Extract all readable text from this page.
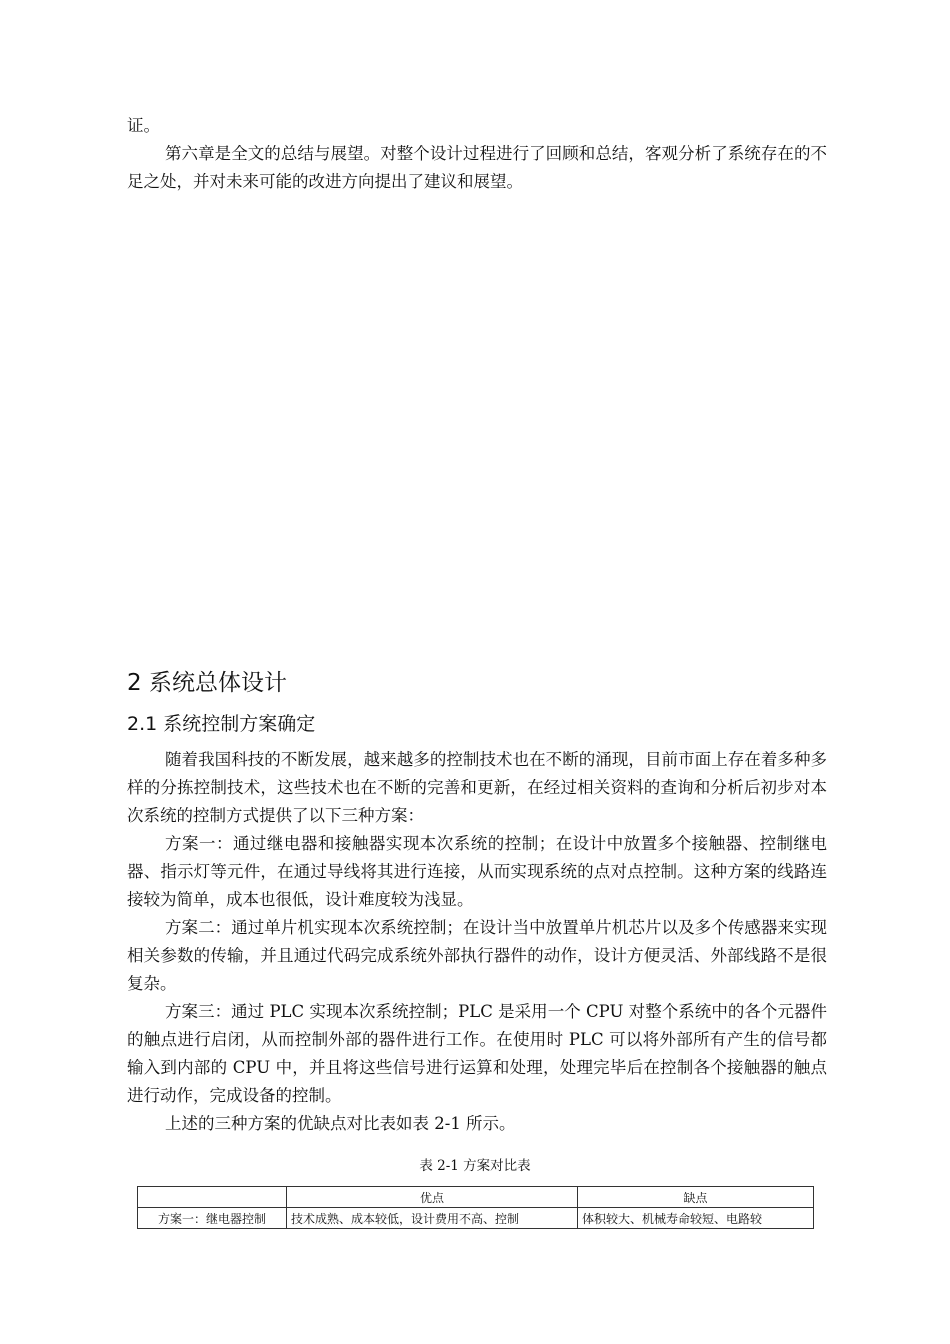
证。

第六章是全文的总结与展望。对整个设计过程进行了回顾和总结，客观分析了系统存在的不足之处，并对未来可能的改进方向提出了建议和展望。

2 系统总体设计
2.1 系统控制方案确定

随着我国科技的不断发展，越来越多的控制技术也在不断的涌现，目前市面上存在着多种多样的分拣控制技术，这些技术也在不断的完善和更新，在经过相关资料的查询和分析后初步对本次系统的控制方式提供了以下三种方案：

方案一：通过继电器和接触器实现本次系统的控制；在设计中放置多个接触器、控制继电器、指示灯等元件，在通过导线将其进行连接，从而实现系统的点对点控制。这种方案的线路连接较为简单，成本也很低，设计难度较为浅显。

方案二：通过单片机实现本次系统控制；在设计当中放置单片机芯片以及多个传感器来实现相关参数的传输，并且通过代码完成系统外部执行器件的动作，设计方便灵活、外部线路不是很复杂。

方案三：通过 PLC 实现本次系统控制；PLC 是采用一个 CPU 对整个系统中的各个元器件的触点进行启闭，从而控制外部的器件进行工作。在使用时 PLC 可以将外部所有产生的信号都输入到内部的 CPU 中，并且将这些信号进行运算和处理，处理完毕后在控制各个接触器的触点进行动作，完成设备的控制。

上述的三种方案的优缺点对比表如表 2-1 所示。

表 2-1 方案对比表
	优点	缺点
方案一：继电器控制	技术成熟、成本较低，设计费用不高、控制	体积较大、机械寿命较短、电路较
